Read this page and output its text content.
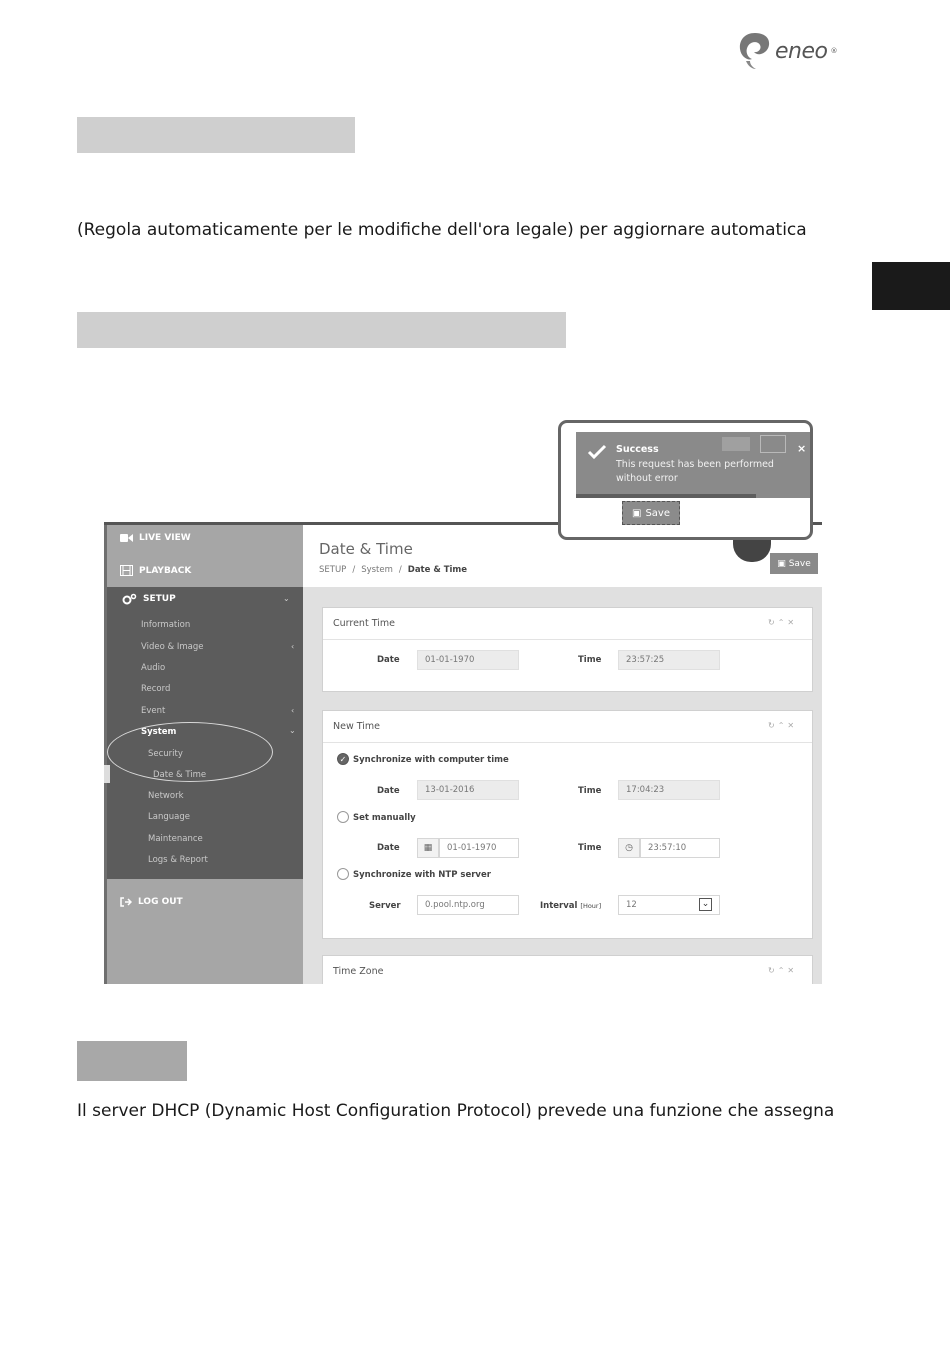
eneo ®
(Regola automaticamente per le modifiche dell'ora legale) per aggiornare automatica
LIVE VIEW
PLAYBACK
SETUP	⌄
Information
Video & Image	‹
Audio
Record
Event	‹
System	⌄
Security
Date & Time
Network
Language
Maintenance
Logs & Report
LOG OUT
Date & Time
SETUP / System / Date & Time
▣ Save
Current Time	↻⌃✕
Date	01-01-1970	Time	23:57:25
New Time	↻⌃✕
✓ Synchronize with computer time
Date	13-01-2016	Time	17:04:23
Set manually
Date	▦	01-01-1970	Time	◷	23:57:10
Synchronize with NTP server
Server	0.pool.ntp.org	Interval [Hour]	12	⌄
Time Zone	↻⌃✕
Success
This request has been performed without error
×
▣ Save
Il server DHCP (Dynamic Host Configuration Protocol) prevede una funzione che assegna
